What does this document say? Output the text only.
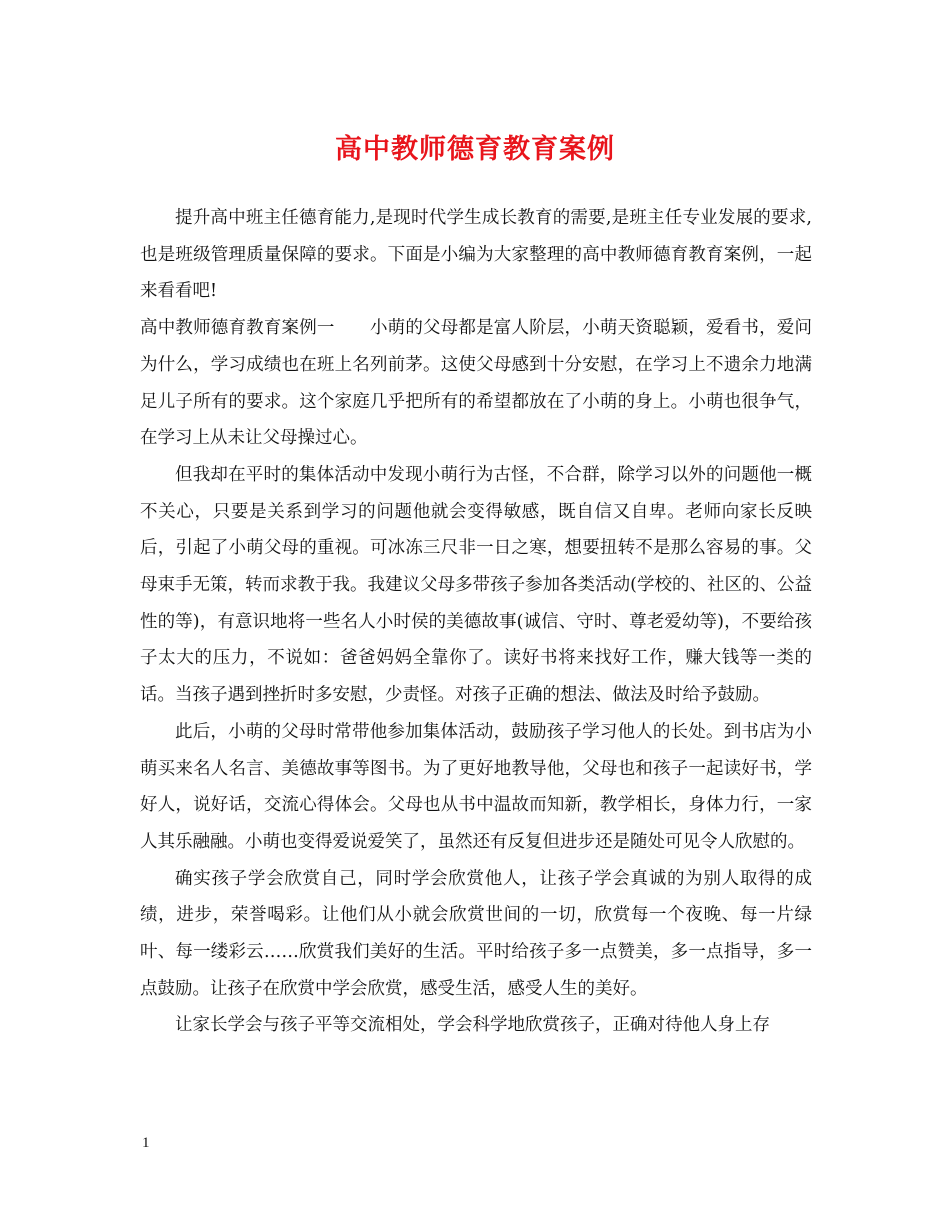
高中教师德育教育案例

提升高中班主任德育能力,是现时代学生成长教育的需要,是班主任专业发展的要求,也是班级管理质量保障的要求。下面是小编为大家整理的高中教师德育教育案例，一起来看看吧!

高中教师德育教育案例一　　小萌的父母都是富人阶层，小萌天资聪颖，爱看书，爱问为什么，学习成绩也在班上名列前茅。这使父母感到十分安慰，在学习上不遗余力地满足儿子所有的要求。这个家庭几乎把所有的希望都放在了小萌的身上。小萌也很争气，在学习上从未让父母操过心。

但我却在平时的集体活动中发现小萌行为古怪，不合群，除学习以外的问题他一概不关心，只要是关系到学习的问题他就会变得敏感，既自信又自卑。老师向家长反映后，引起了小萌父母的重视。可冰冻三尺非一日之寒，想要扭转不是那么容易的事。父母束手无策，转而求教于我。我建议父母多带孩子参加各类活动(学校的、社区的、公益性的等)，有意识地将一些名人小时侯的美德故事(诚信、守时、尊老爱幼等)，不要给孩子太大的压力，不说如：爸爸妈妈全靠你了。读好书将来找好工作，赚大钱等一类的话。当孩子遇到挫折时多安慰，少责怪。对孩子正确的想法、做法及时给予鼓励。

此后，小萌的父母时常带他参加集体活动，鼓励孩子学习他人的长处。到书店为小萌买来名人名言、美德故事等图书。为了更好地教导他，父母也和孩子一起读好书，学好人，说好话，交流心得体会。父母也从书中温故而知新，教学相长，身体力行，一家人其乐融融。小萌也变得爱说爱笑了，虽然还有反复但进步还是随处可见令人欣慰的。

确实孩子学会欣赏自己，同时学会欣赏他人，让孩子学会真诚的为别人取得的成绩，进步，荣誉喝彩。让他们从小就会欣赏世间的一切，欣赏每一个夜晚、每一片绿叶、每一缕彩云……欣赏我们美好的生活。平时给孩子多一点赞美，多一点指导，多一点鼓励。让孩子在欣赏中学会欣赏，感受生活，感受人生的美好。

让家长学会与孩子平等交流相处，学会科学地欣赏孩子，正确对待他人身上存

1
